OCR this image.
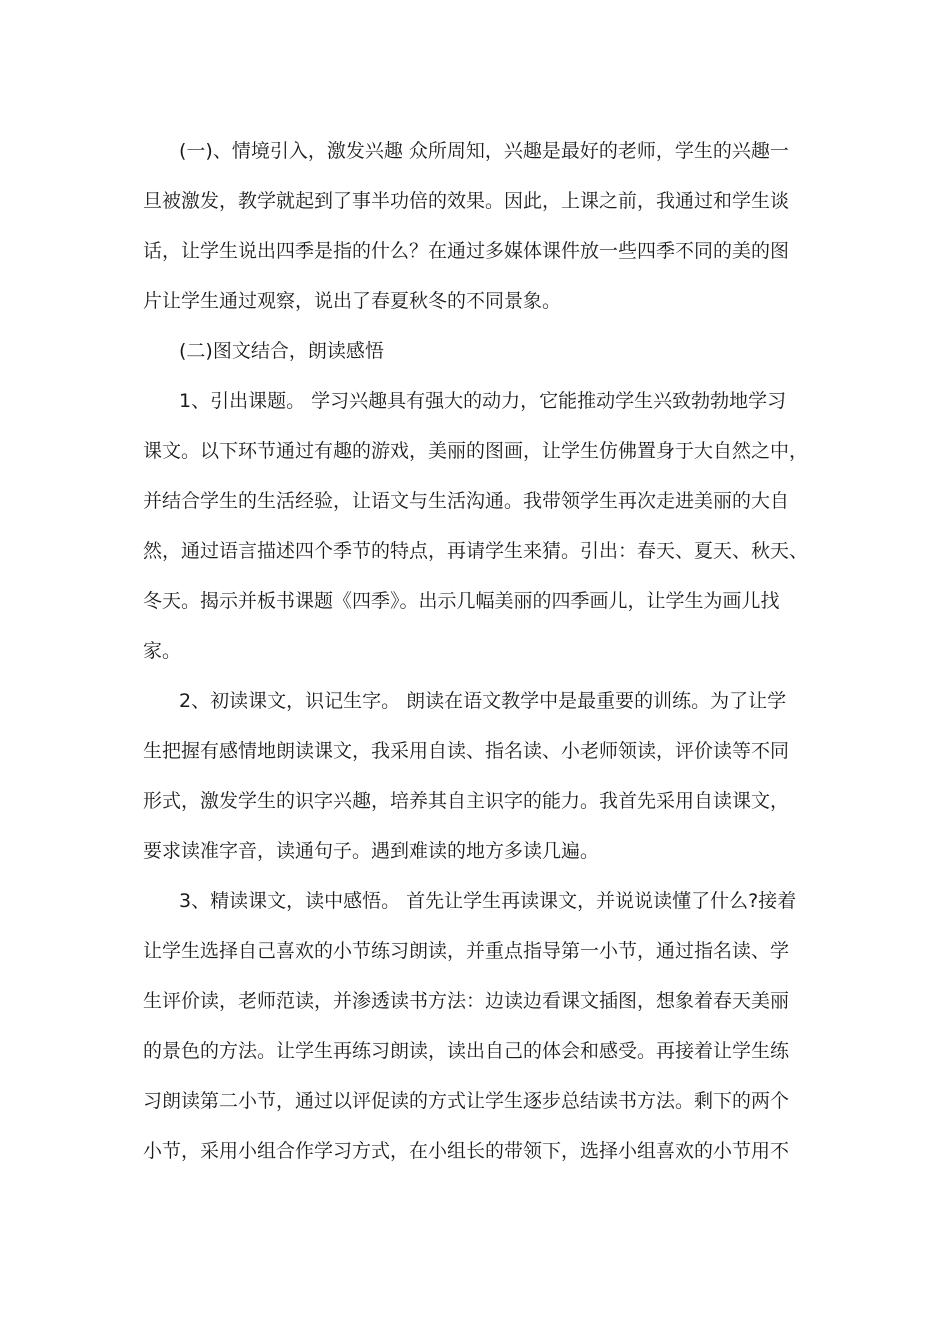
(一)、情境引入，激发兴趣 众所周知，兴趣是最好的老师，学生的兴趣一
旦被激发，教学就起到了事半功倍的效果。因此，上课之前，我通过和学生谈
话，让学生说出四季是指的什么？在通过多媒体课件放一些四季不同的美的图
片让学生通过观察，说出了春夏秋冬的不同景象。
(二)图文结合，朗读感悟
1、引出课题。 学习兴趣具有强大的动力，它能推动学生兴致勃勃地学习
课文。以下环节通过有趣的游戏，美丽的图画，让学生仿佛置身于大自然之中，
并结合学生的生活经验，让语文与生活沟通。我带领学生再次走进美丽的大自
然，通过语言描述四个季节的特点，再请学生来猜。引出：春天、夏天、秋天、
冬天。揭示并板书课题《四季》。出示几幅美丽的四季画儿，让学生为画儿找
家。
2、初读课文，识记生字。 朗读在语文教学中是最重要的训练。为了让学
生把握有感情地朗读课文，我采用自读、指名读、小老师领读，评价读等不同
形式，激发学生的识字兴趣，培养其自主识字的能力。我首先采用自读课文，
要求读准字音，读通句子。遇到难读的地方多读几遍。
3、精读课文，读中感悟。 首先让学生再读课文，并说说读懂了什么?接着
让学生选择自己喜欢的小节练习朗读，并重点指导第一小节，通过指名读、学
生评价读，老师范读，并渗透读书方法：边读边看课文插图，想象着春天美丽
的景色的方法。让学生再练习朗读，读出自己的体会和感受。再接着让学生练
习朗读第二小节，通过以评促读的方式让学生逐步总结读书方法。剩下的两个
小节，采用小组合作学习方式，在小组长的带领下，选择小组喜欢的小节用不
